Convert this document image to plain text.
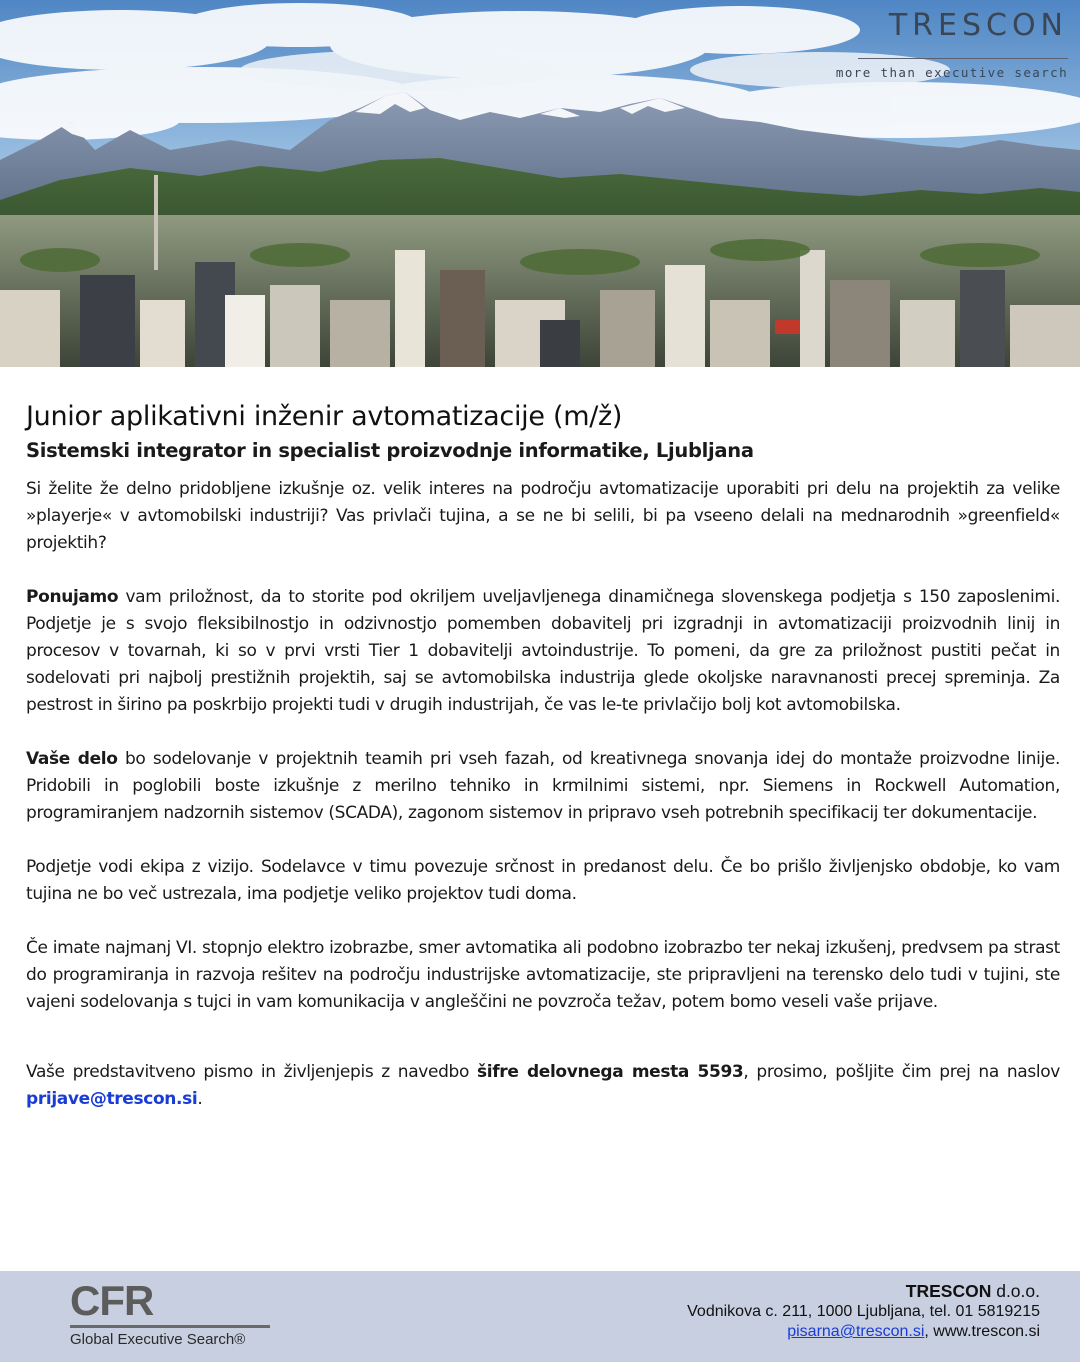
TRESCON
more than executive search
Junior aplikativni inženir avtomatizacije (m/ž)
Sistemski integrator in specialist proizvodnje informatike, Ljubljana

Si želite že delno pridobljene izkušnje oz. velik interes na področju avtomatizacije uporabiti pri delu na projektih za velike »playerje« v avtomobilski industriji? Vas privlači tujina, a se ne bi selili, bi pa vseeno delali na mednarodnih »greenfield« projektih?

Ponujamo vam priložnost, da to storite pod okriljem uveljavljenega dinamičnega slovenskega podjetja s 150 zaposlenimi. Podjetje je s svojo fleksibilnostjo in odzivnostjo pomemben dobavitelj pri izgradnji in avtomatizaciji proizvodnih linij in procesov v tovarnah, ki so v prvi vrsti Tier 1 dobavitelji avtoindustrije. To pomeni, da gre za priložnost pustiti pečat in sodelovati pri najbolj prestižnih projektih, saj se avtomobilska industrija glede okoljske naravnanosti precej spreminja. Za pestrost in širino pa poskrbijo projekti tudi v drugih industrijah, če vas le-te privlačijo bolj kot avtomobilska.

Vaše delo bo sodelovanje v projektnih teamih pri vseh fazah, od kreativnega snovanja idej do montaže proizvodne linije. Pridobili in poglobili boste izkušnje z merilno tehniko in krmilnimi sistemi, npr. Siemens in Rockwell Automation, programiranjem nadzornih sistemov (SCADA), zagonom sistemov in pripravo vseh potrebnih specifikacij ter dokumentacije.

Podjetje vodi ekipa z vizijo. Sodelavce v timu povezuje srčnost in predanost delu. Če bo prišlo življenjsko obdobje, ko vam tujina ne bo več ustrezala, ima podjetje veliko projektov tudi doma.

Če imate najmanj VI. stopnjo elektro izobrazbe, smer avtomatika ali podobno izobrazbo ter nekaj izkušenj, predvsem pa strast do programiranja in razvoja rešitev na področju industrijske avtomatizacije, ste pripravljeni na terensko delo tudi v tujini, ste vajeni sodelovanja s tujci in vam komunikacija v angleščini ne povzroča težav, potem bomo veseli vaše prijave.

Vaše predstavitveno pismo in življenjepis z navedbo šifre delovnega mesta 5593, prosimo, pošljite čim prej na naslov prijave@trescon.si.

CFR
Global Executive Search®
TRESCON d.o.o.
Vodnikova c. 211, 1000 Ljubljana, tel. 01 5819215
pisarna@trescon.si, www.trescon.si
